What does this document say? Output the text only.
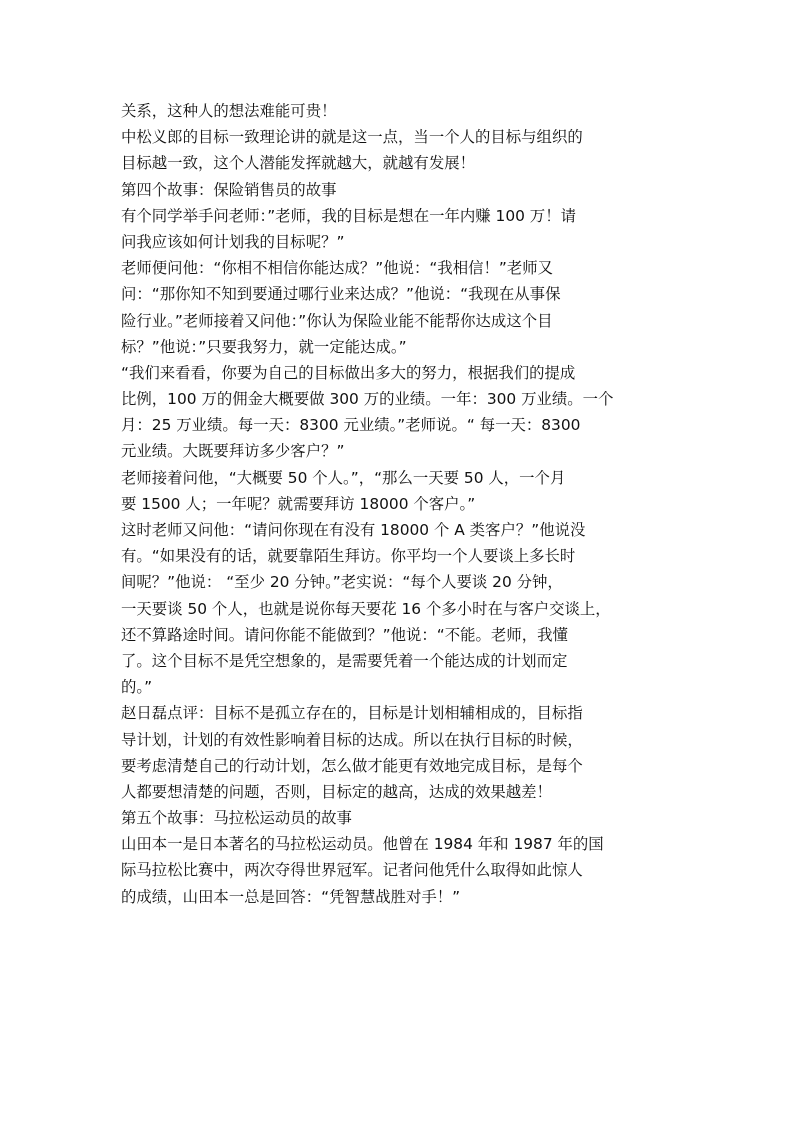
关系，这种人的想法难能可贵！
中松义郎的目标一致理论讲的就是这一点，当一个人的目标与组织的
目标越一致，这个人潜能发挥就越大，就越有发展！
第四个故事：保险销售员的故事
有个同学举手问老师：”老师，我的目标是想在一年内赚 100 万！请
问我应该如何计划我的目标呢？”
老师便问他：“你相不相信你能达成？”他说：“我相信！”老师又
问：“那你知不知到要通过哪行业来达成？”他说：“我现在从事保
险行业。”老师接着又问他：”你认为保险业能不能帮你达成这个目
标？”他说：”只要我努力，就一定能达成。”
“我们来看看，你要为自己的目标做出多大的努力，根据我们的提成
比例，100 万的佣金大概要做 300 万的业绩。一年：300 万业绩。一个
月：25 万业绩。每一天：8300 元业绩。”老师说。“ 每一天：8300
元业绩。大既要拜访多少客户？”
老师接着问他，“大概要 50 个人。”，“那么一天要 50 人，一个月
要 1500 人；一年呢？就需要拜访 18000 个客户。”
这时老师又问他：“请问你现在有没有 18000 个 A 类客户？”他说没
有。“如果没有的话，就要靠陌生拜访。你平均一个人要谈上多长时
间呢？”他说： “至少 20 分钟。”老实说：“每个人要谈 20 分钟，
一天要谈 50 个人，也就是说你每天要花 16 个多小时在与客户交谈上，
还不算路途时间。请问你能不能做到？”他说：“不能。老师，我懂
了。这个目标不是凭空想象的，是需要凭着一个能达成的计划而定
的。”
赵日磊点评：目标不是孤立存在的，目标是计划相辅相成的，目标指
导计划，计划的有效性影响着目标的达成。所以在执行目标的时候，
要考虑清楚自己的行动计划，怎么做才能更有效地完成目标，是每个
人都要想清楚的问题，否则，目标定的越高，达成的效果越差！
第五个故事：马拉松运动员的故事
山田本一是日本著名的马拉松运动员。他曾在 1984 年和 1987 年的国
际马拉松比赛中，两次夺得世界冠军。记者问他凭什么取得如此惊人
的成绩，山田本一总是回答：“凭智慧战胜对手！”
